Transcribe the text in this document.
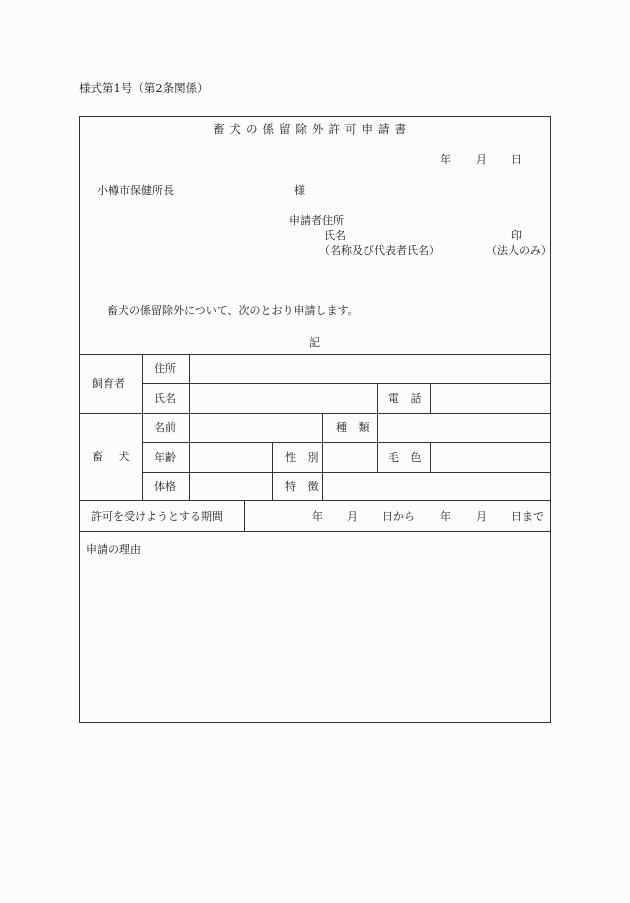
様式第1号（第2条関係）
畜犬の係留除外許可申請書
年 月 日
小樽市保健所長	様
申請者住所
氏名	印
（名称及び代表者氏名）	（法人のみ）
畜犬の係留除外について、次のとおり申請します。
記
飼育者
住所
氏名	電 話
畜 犬
名前	種 類
年齢	性 別	毛 色
体格	特 徴
許可を受けようとする期間	年 月 日から 年 月 日まで
申請の理由
